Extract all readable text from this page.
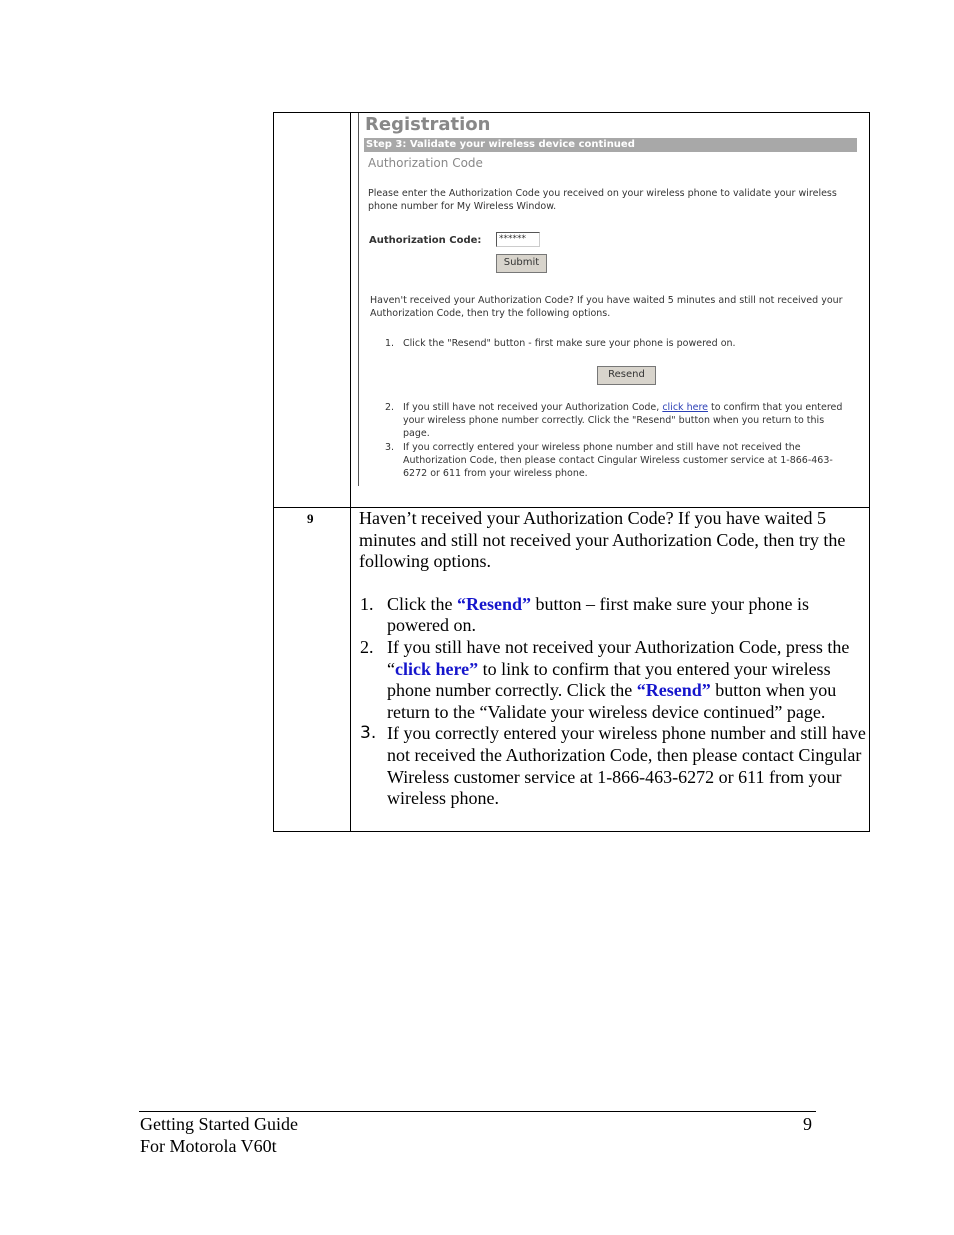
Registration
Step 3: Validate your wireless device continued
Authorization Code
Please enter the Authorization Code you received on your wireless phone to validate your wireless phone number for My Wireless Window.
Authorization Code:	******
Submit
Haven't received your Authorization Code? If you have waited 5 minutes and still not received your Authorization Code, then try the following options.
1. Click the "Resend" button - first make sure your phone is powered on.
Resend
2. If you still have not received your Authorization Code, click here to confirm that you entered your wireless phone number correctly. Click the "Resend" button when you return to this page.
3. If you correctly entered your wireless phone number and still have not received the Authorization Code, then please contact Cingular Wireless customer service at 1-866-463-6272 or 611 from your wireless phone.
9	Haven’t received your Authorization Code? If you have waited 5 minutes and still not received your Authorization Code, then try the following options.

1. Click the “Resend” button – first make sure your phone is powered on.
2. If you still have not received your Authorization Code, press the “click here” to link to confirm that you entered your wireless phone number correctly. Click the “Resend” button when you return to the “Validate your wireless device continued” page.
3. If you correctly entered your wireless phone number and still have not received the Authorization Code, then please contact Cingular Wireless customer service at 1-866-463-6272 or 611 from your wireless phone.
Getting Started Guide
For Motorola V60t
9
